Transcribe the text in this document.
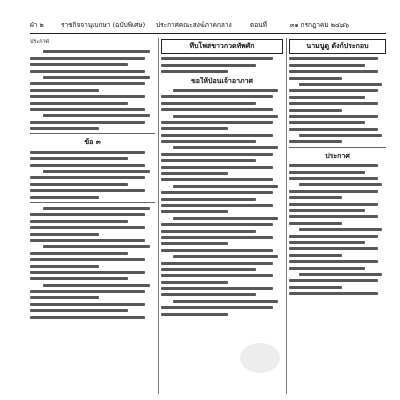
ฝ่า ๒	ราชกิจจานุเบกษา (ฉบับพิเศษ) ประกาศคณะสงฆ์ภาคกลาง	ตอนที่	๓๑ กรกฎาคม ๒๔๘๖
ประกาศ
ข้อ ๓
ทีบโพสขาวกวดทัพศัก
ขอให้ป่อนเจ้าอาภาศ
นามนูดู ดังก์ประกอบ
ประกาศ
